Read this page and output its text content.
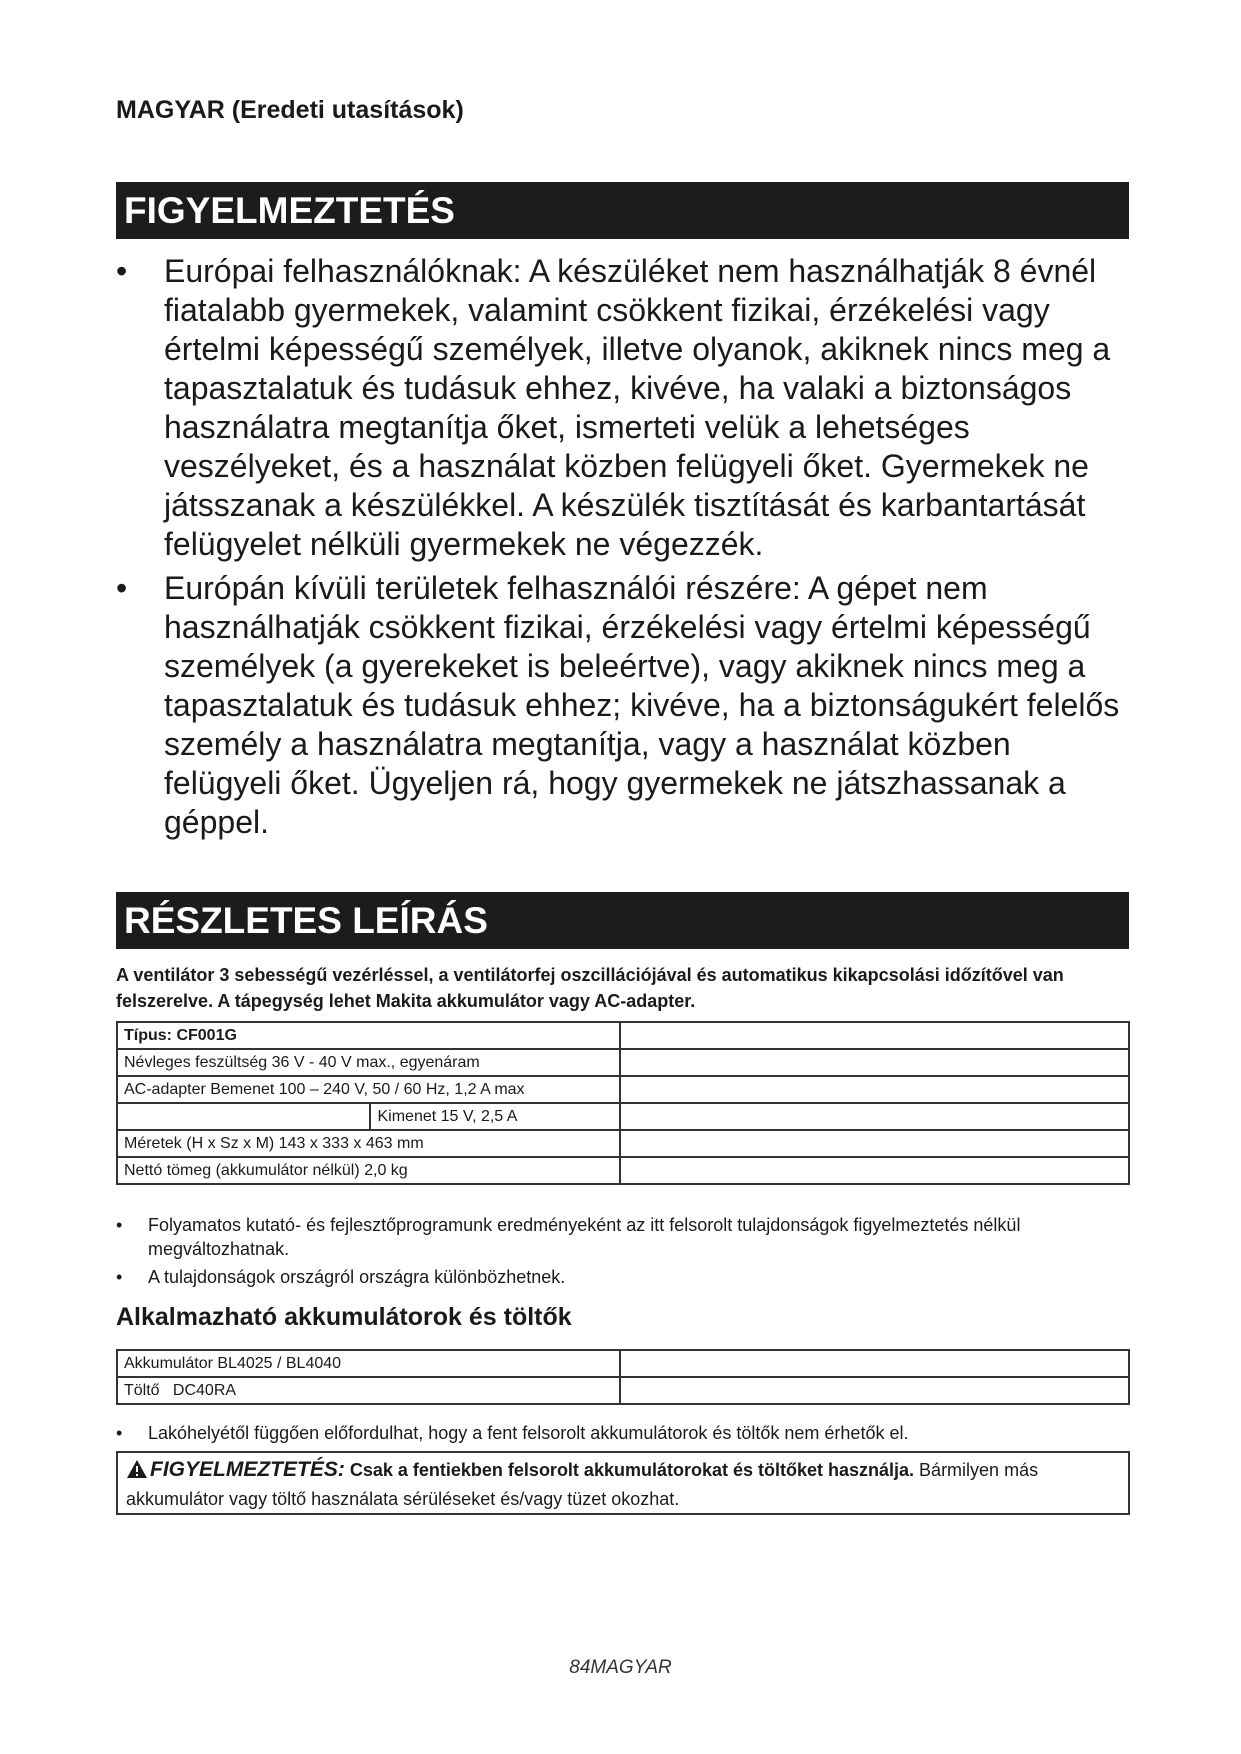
MAGYAR (Eredeti utasítások)
FIGYELMEZTETÉS
•	Európai felhasználóknak: A készüléket nem használhatják 8 évnél fiatalabb gyermekek, valamint csökkent fizikai, érzékelési vagy értelmi képességű személyek, illetve olyanok, akiknek nincs meg a tapasztalatuk és tudásuk ehhez, kivéve, ha valaki a biztonságos használatra megtanítja őket, ismerteti velük a lehetséges veszélyeket, és a használat közben felügyeli őket. Gyermekek ne játsszanak a készülékkel. A készülék tisztítását és karbantartását felügyelet nélküli gyermekek ne végezzék.
•	Európán kívüli területek felhasználói részére: A gépet nem használhatják csökkent fizikai, érzékelési vagy értelmi képességű személyek (a gyerekeket is beleértve), vagy akiknek nincs meg a tapasztalatuk és tudásuk ehhez; kivéve, ha a biztonságukért felelős személy a használatra megtanítja, vagy a használat közben felügyeli őket. Ügyeljen rá, hogy gyermekek ne játszhassanak a géppel.
RÉSZLETES LEÍRÁS
A ventilátor 3 sebességű vezérléssel, a ventilátorfej oszcillációjával és automatikus kikapcsolási időzítővel van felszerelve. A tápegység lehet Makita akkumulátor vagy AC-adapter.
Típus: CF001G		
Névleges feszültség 36 V - 40 V max., egyenáram		
AC-adapter Bemenet 100 – 240 V, 50 / 60 Hz, 1,2 A max		
	Kimenet 15 V, 2,5 A	
Méretek (H x Sz x M) 143 x 333 x 463 mm		
Nettó tömeg (akkumulátor nélkül) 2,0 kg		
• Folyamatos kutató- és fejlesztőprogramunk eredményeként az itt felsorolt tulajdonságok figyelmeztetés nélkül megváltozhatnak.
• A tulajdonságok országról országra különbözhetnek.
Alkalmazható akkumulátorok és töltők
Akkumulátor BL4025 / BL4040	
Töltő   DC40RA	
• Lakóhelyétől függően előfordulhat, hogy a fent felsorolt akkumulátorok és töltők nem érhetők el.
FIGYELMEZTETÉS: Csak a fentiekben felsorolt akkumulátorokat és töltőket használja. Bármilyen más akkumulátor vagy töltő használata sérüléseket és/vagy tüzet okozhat.
84MAGYAR
